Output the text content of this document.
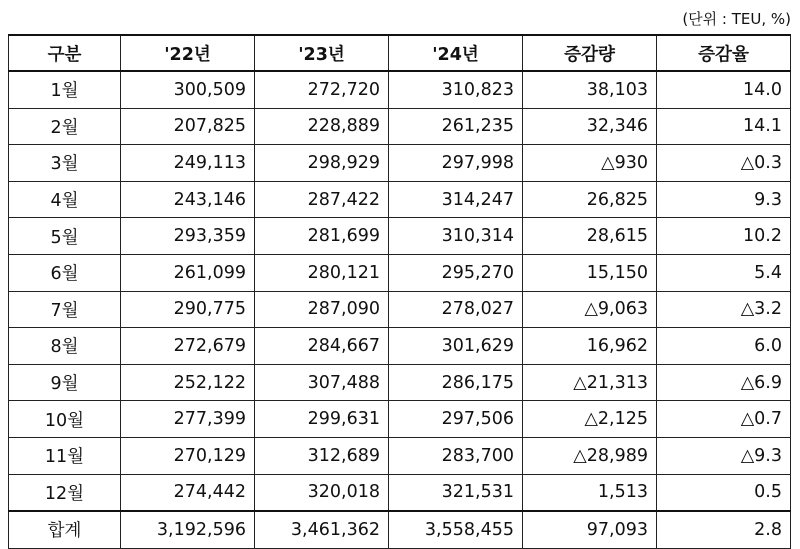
(단위 : TEU, %)
구분	'22년	'23년	'24년	증감량	증감율
1월	300,509	272,720	310,823	38,103	14.0
2월	207,825	228,889	261,235	32,346	14.1
3월	249,113	298,929	297,998	△930	△0.3
4월	243,146	287,422	314,247	26,825	9.3
5월	293,359	281,699	310,314	28,615	10.2
6월	261,099	280,121	295,270	15,150	5.4
7월	290,775	287,090	278,027	△9,063	△3.2
8월	272,679	284,667	301,629	16,962	6.0
9월	252,122	307,488	286,175	△21,313	△6.9
10월	277,399	299,631	297,506	△2,125	△0.7
11월	270,129	312,689	283,700	△28,989	△9.3
12월	274,442	320,018	321,531	1,513	0.5
합계	3,192,596	3,461,362	3,558,455	97,093	2.8
